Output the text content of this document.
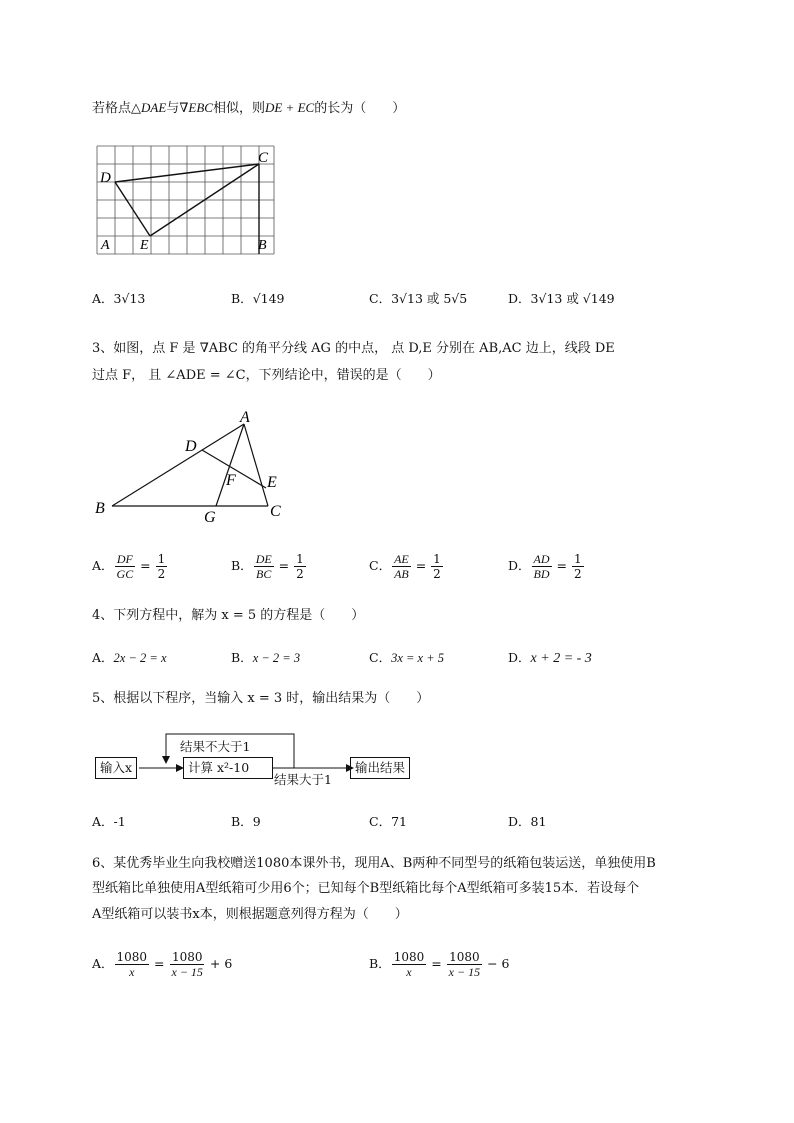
若格点△DAE与∇EBC相似，则DE + EC的长为（　　）
D
A E
C
B
A．3√13	B．√149	C．3√13 或 5√5	D．3√13 或 √149
3、如图，点 F 是 ∇ABC 的角平分线 AG 的中点， 点 D,E 分别在 AB,AC 边上，线段 DE
过点 F， 且 ∠ADE = ∠C，下列结论中，错误的是（　　）
A
B	C
D
E
F
G
A． $\frac{DF}{GC} = \frac{1}{2}$	B． $\frac{DE}{BC} = \frac{1}{2}$	C． $\frac{AE}{AB} = \frac{1}{2}$	D． $\frac{AD}{BD} = \frac{1}{2}$
4、下列方程中，解为 x = 5 的方程是（　　）
A．2x − 2 = x	B．x − 2 = 3	C．3x = x + 5	D．x + 2 = - 3
5、根据以下程序，当输入 x = 3 时，输出结果为（　　）
输入x	计算 x²-10
结果不大于1
结果大于1
输出结果
A．-1	B．9	C．71	D．81
6、某优秀毕业生向我校赠送1080本课外书，现用A、B两种不同型号的纸箱包装运送，单独使用B
型纸箱比单独使用A型纸箱可少用6个；已知每个B型纸箱比每个A型纸箱可多装15本．若设每个
A型纸箱可以装书x本，则根据题意列得方程为（　　）
A． $\frac{1080}{x} = \frac{1080}{x - 15} + 6$	B． $\frac{1080}{x} = \frac{1080}{x - 15} - 6$
